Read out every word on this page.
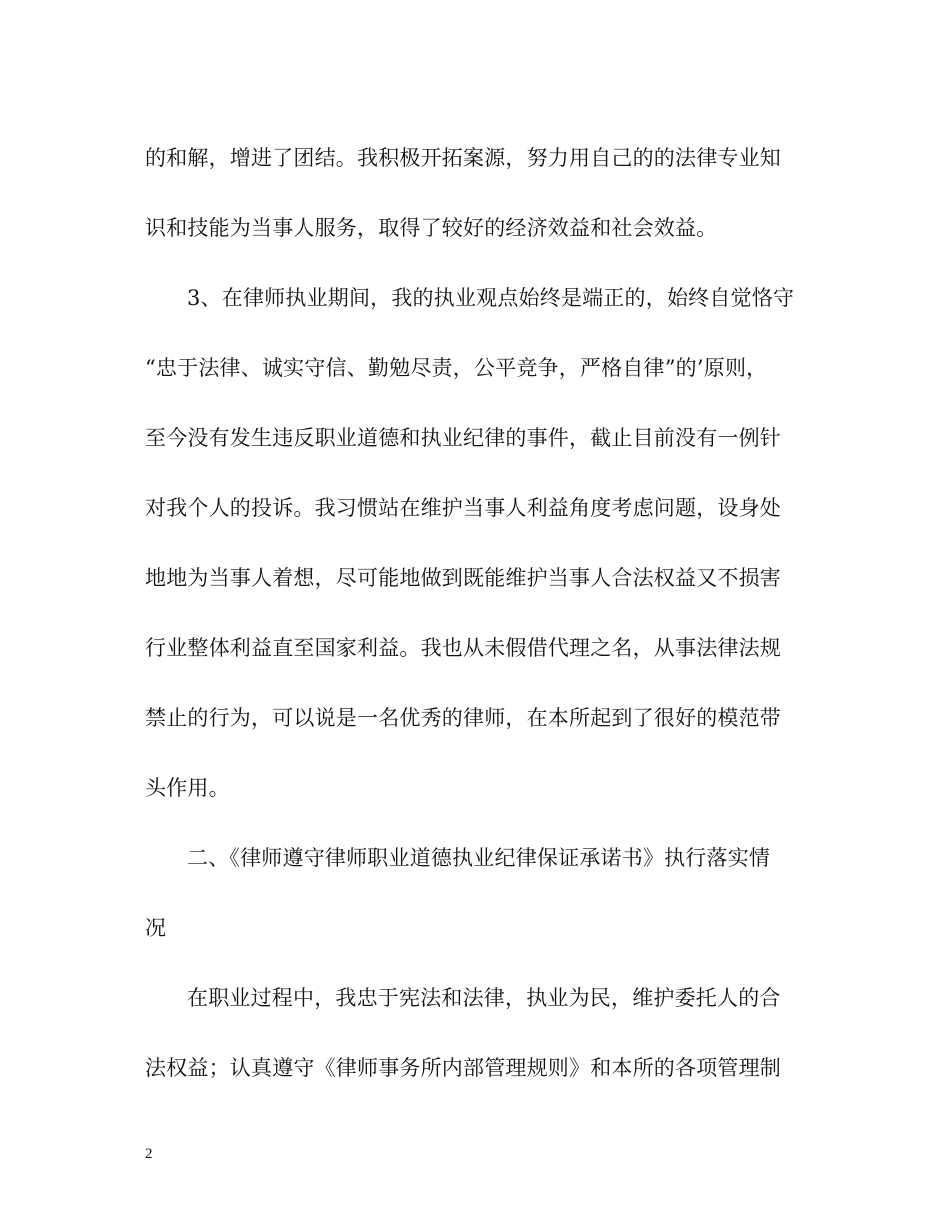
的和解，增进了团结。我积极开拓案源，努力用自己的的法律专业知
识和技能为当事人服务，取得了较好的经济效益和社会效益。
3、在律师执业期间，我的执业观点始终是端正的，始终自觉恪守
“忠于法律、诚实守信、勤勉尽责，公平竞争，严格自律”的’原则，
至今没有发生违反职业道德和执业纪律的事件，截止目前没有一例针
对我个人的投诉。我习惯站在维护当事人利益角度考虑问题，设身处
地地为当事人着想，尽可能地做到既能维护当事人合法权益又不损害
行业整体利益直至国家利益。我也从未假借代理之名，从事法律法规
禁止的行为，可以说是一名优秀的律师，在本所起到了很好的模范带
头作用。
二、《律师遵守律师职业道德执业纪律保证承诺书》执行落实情
况
在职业过程中，我忠于宪法和法律，执业为民，维护委托人的合
法权益；认真遵守《律师事务所内部管理规则》和本所的各项管理制
2
